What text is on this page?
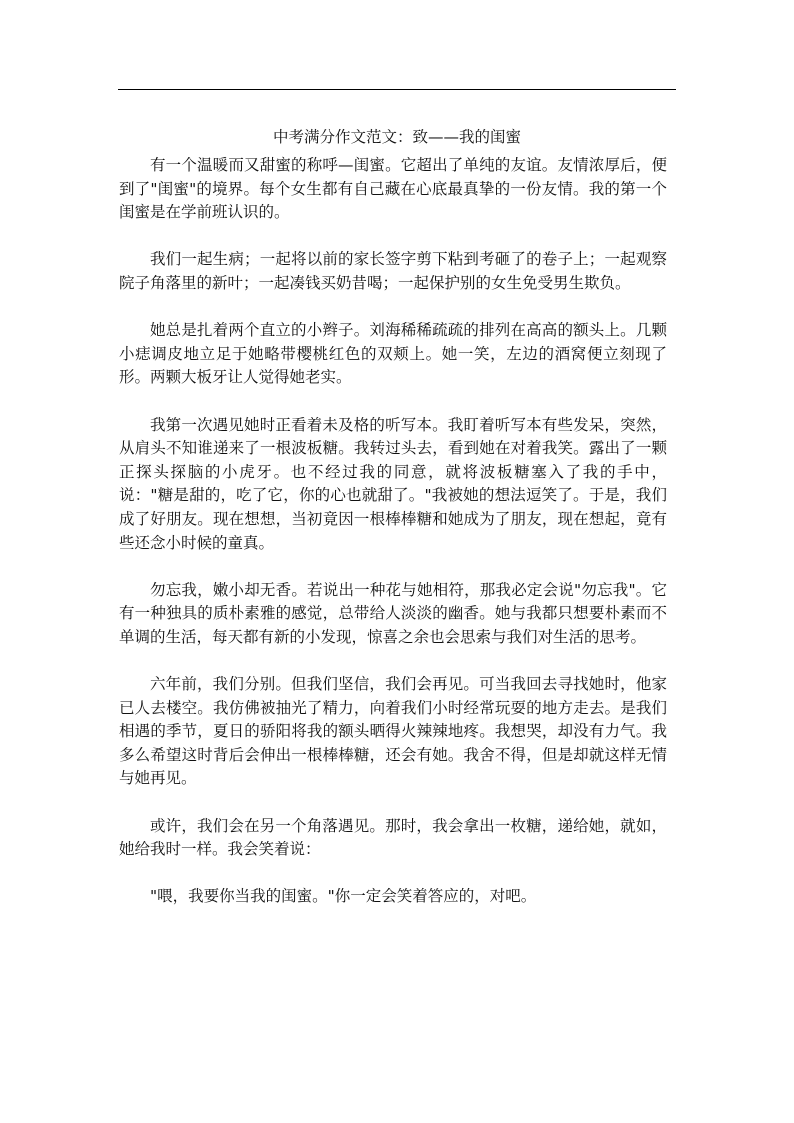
中考满分作文范文：致——我的闺蜜

有一个温暖而又甜蜜的称呼—闺蜜。它超出了单纯的友谊。友情浓厚后，便到了"闺蜜"的境界。每个女生都有自己藏在心底最真挚的一份友情。我的第一个闺蜜是在学前班认识的。

我们一起生病；一起将以前的家长签字剪下粘到考砸了的卷子上；一起观察院子角落里的新叶；一起凑钱买奶昔喝；一起保护别的女生免受男生欺负。

她总是扎着两个直立的小辫子。刘海稀稀疏疏的排列在高高的额头上。几颗小痣调皮地立足于她略带樱桃红色的双颊上。她一笑，左边的酒窝便立刻现了形。两颗大板牙让人觉得她老实。

我第一次遇见她时正看着未及格的听写本。我盯着听写本有些发呆，突然，从肩头不知谁递来了一根波板糖。我转过头去，看到她在对着我笑。露出了一颗正探头探脑的小虎牙。也不经过我的同意，就将波板糖塞入了我的手中，说："糖是甜的，吃了它，你的心也就甜了。"我被她的想法逗笑了。于是，我们成了好朋友。现在想想，当初竟因一根棒棒糖和她成为了朋友，现在想起，竟有些还念小时候的童真。

勿忘我，嫩小却无香。若说出一种花与她相符，那我必定会说"勿忘我"。它有一种独具的质朴素雅的感觉，总带给人淡淡的幽香。她与我都只想要朴素而不单调的生活，每天都有新的小发现，惊喜之余也会思索与我们对生活的思考。

六年前，我们分别。但我们坚信，我们会再见。可当我回去寻找她时，他家已人去楼空。我仿佛被抽光了精力，向着我们小时经常玩耍的地方走去。是我们相遇的季节，夏日的骄阳将我的额头晒得火辣辣地疼。我想哭，却没有力气。我多么希望这时背后会伸出一根棒棒糖，还会有她。我舍不得，但是却就这样无情与她再见。

或许，我们会在另一个角落遇见。那时，我会拿出一枚糖，递给她，就如，她给我时一样。我会笑着说：

"喂，我要你当我的闺蜜。"你一定会笑着答应的，对吧。
